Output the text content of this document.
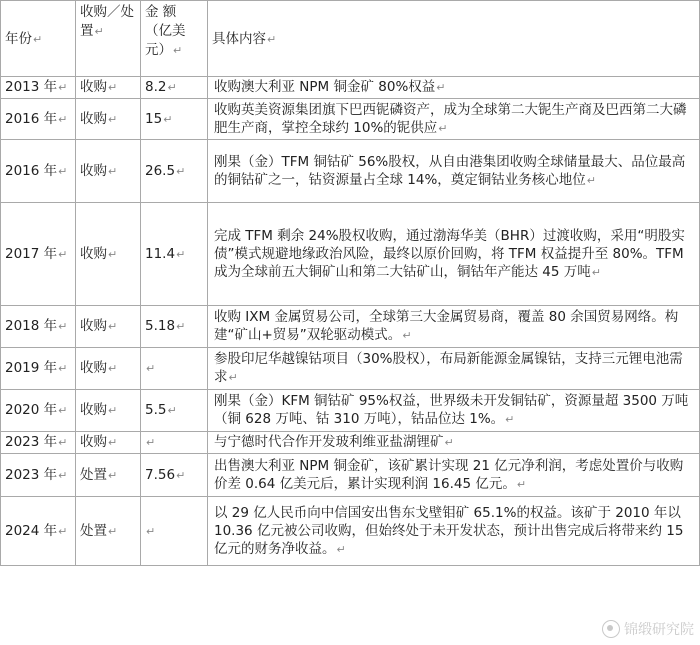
年份↵	收购／处置↵	金 额（亿美元）↵	具体内容↵
2013 年↵	收购↵	8.2↵	收购澳大利亚 NPM 铜金矿 80%权益↵
2016 年↵	收购↵	15↵	收购英美资源集团旗下巴西铌磷资产，成为全球第二大铌生产商及巴西第二大磷肥生产商，掌控全球约 10%的铌供应↵
2016 年↵	收购↵	26.5↵	刚果（金）TFM 铜钴矿 56%股权，从自由港集团收购全球储量最大、品位最高的铜钴矿之一，钴资源量占全球 14%，奠定铜钴业务核心地位↵
2017 年↵	收购↵	11.4↵	完成 TFM 剩余 24%股权收购，通过渤海华美（BHR）过渡收购，采用“明股实债”模式规避地缘政治风险，最终以原价回购，将 TFM 权益提升至 80%。TFM 成为全球前五大铜矿山和第二大钴矿山，铜钴年产能达 45 万吨↵
2018 年↵	收购↵	5.18↵	收购 IXM 金属贸易公司，全球第三大金属贸易商，覆盖 80 余国贸易网络。构建“矿山+贸易”双轮驱动模式。↵
2019 年↵	收购↵	↵	参股印尼华越镍钴项目（30%股权），布局新能源金属镍钴，支持三元锂电池需求↵
2020 年↵	收购↵	5.5↵	刚果（金）KFM 铜钴矿 95%权益，世界级未开发铜钴矿，资源量超 3500 万吨（铜 628 万吨、钴 310 万吨），钴品位达 1%。↵
2023 年↵	收购↵	↵	与宁德时代合作开发玻利维亚盐湖锂矿↵
2023 年↵	处置↵	7.56↵	出售澳大利亚 NPM 铜金矿，该矿累计实现 21 亿元净利润，考虑处置价与收购价差 0.64 亿美元后，累计实现利润 16.45 亿元。↵
2024 年↵	处置↵	↵	以 29 亿人民币向中信国安出售东戈壁钼矿 65.1%的权益。该矿于 2010 年以 10.36 亿元被公司收购，但始终处于未开发状态，预计出售完成后将带来约 15 亿元的财务净收益。↵
锦缎研究院
